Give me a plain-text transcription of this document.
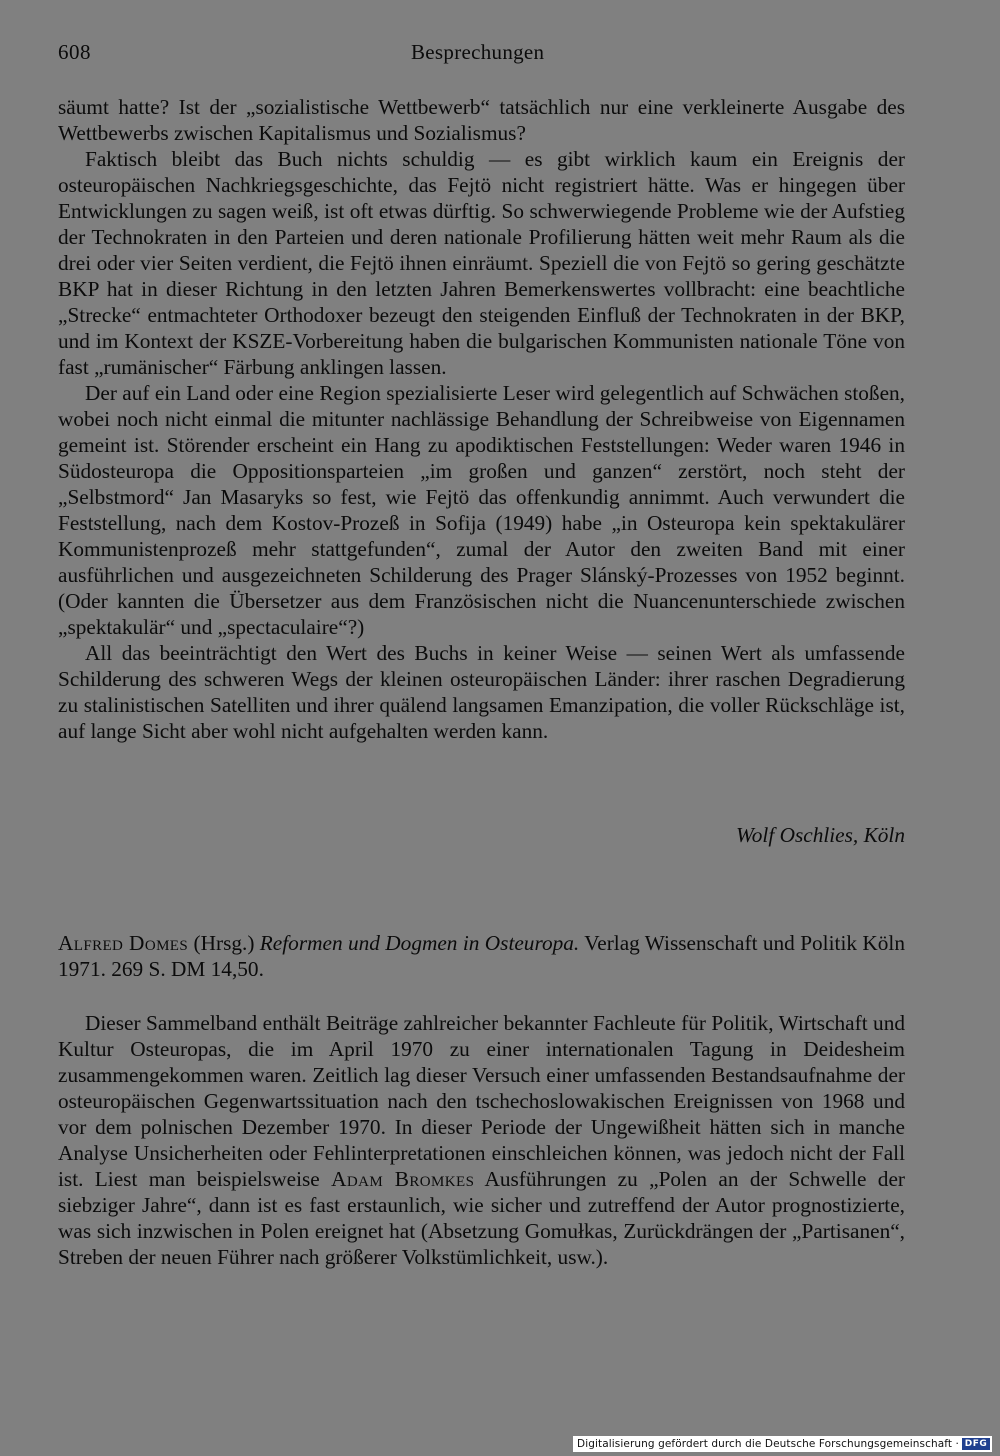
608	Besprechungen

säumt hatte? Ist der „sozialistische Wettbewerb“ tatsächlich nur eine verkleinerte Ausgabe des Wettbewerbs zwischen Kapitalismus und Sozialismus?

Faktisch bleibt das Buch nichts schuldig — es gibt wirklich kaum ein Ereignis der osteuropäischen Nachkriegsgeschichte, das Fejtö nicht registriert hätte. Was er hingegen über Entwicklungen zu sagen weiß, ist oft etwas dürftig. So schwerwiegende Probleme wie der Aufstieg der Technokraten in den Parteien und deren nationale Profilierung hätten weit mehr Raum als die drei oder vier Seiten verdient, die Fejtö ihnen einräumt. Speziell die von Fejtö so gering geschätzte BKP hat in dieser Richtung in den letzten Jahren Bemerkenswertes vollbracht: eine beachtliche „Strecke“ entmachteter Orthodoxer bezeugt den steigenden Einfluß der Technokraten in der BKP, und im Kontext der KSZE-Vorbereitung haben die bulgarischen Kommunisten nationale Töne von fast „rumänischer“ Färbung anklingen lassen.

Der auf ein Land oder eine Region spezialisierte Leser wird gelegentlich auf Schwächen stoßen, wobei noch nicht einmal die mitunter nachlässige Behandlung der Schreibweise von Eigennamen gemeint ist. Störender erscheint ein Hang zu apodiktischen Feststellungen: Weder waren 1946 in Südosteuropa die Oppositionsparteien „im großen und ganzen“ zerstört, noch steht der „Selbstmord“ Jan Masaryks so fest, wie Fejtö das offenkundig annimmt. Auch verwundert die Feststellung, nach dem Kostov-Prozeß in Sofija (1949) habe „in Osteuropa kein spektakulärer Kommunistenprozeß mehr stattgefunden“, zumal der Autor den zweiten Band mit einer ausführlichen und ausgezeichneten Schilderung des Prager Slánský-Prozesses von 1952 beginnt. (Oder kannten die Übersetzer aus dem Französischen nicht die Nuancenunterschiede zwischen „spektakulär“ und „spectaculaire“?)

All das beeinträchtigt den Wert des Buchs in keiner Weise — seinen Wert als umfassende Schilderung des schweren Wegs der kleinen osteuropäischen Länder: ihrer raschen Degradierung zu stalinistischen Satelliten und ihrer quälend langsamen Emanzipation, die voller Rückschläge ist, auf lange Sicht aber wohl nicht aufgehalten werden kann.

Wolf Oschlies, Köln
Alfred Domes (Hrsg.) Reformen und Dogmen in Osteuropa. Verlag Wissenschaft und Politik Köln 1971. 269 S. DM 14,50.

Dieser Sammelband enthält Beiträge zahlreicher bekannter Fachleute für Politik, Wirtschaft und Kultur Osteuropas, die im April 1970 zu einer internationalen Tagung in Deidesheim zusammengekommen waren. Zeitlich lag dieser Versuch einer umfassenden Bestandsaufnahme der osteuropäischen Gegenwartssituation nach den tschechoslowakischen Ereignissen von 1968 und vor dem polnischen Dezember 1970. In dieser Periode der Ungewißheit hätten sich in manche Analyse Unsicherheiten oder Fehlinterpretationen einschleichen können, was jedoch nicht der Fall ist. Liest man beispielsweise Adam Bromkes Ausführungen zu „Polen an der Schwelle der siebziger Jahre“, dann ist es fast erstaunlich, wie sicher und zutreffend der Autor prognostizierte, was sich inzwischen in Polen ereignet hat (Absetzung Gomułkas, Zurückdrängen der „Partisanen“, Streben der neuen Führer nach größerer Volkstümlichkeit, usw.).

Digitalisierung gefördert durch die Deutsche Forschungsgemeinschaft · DFG
